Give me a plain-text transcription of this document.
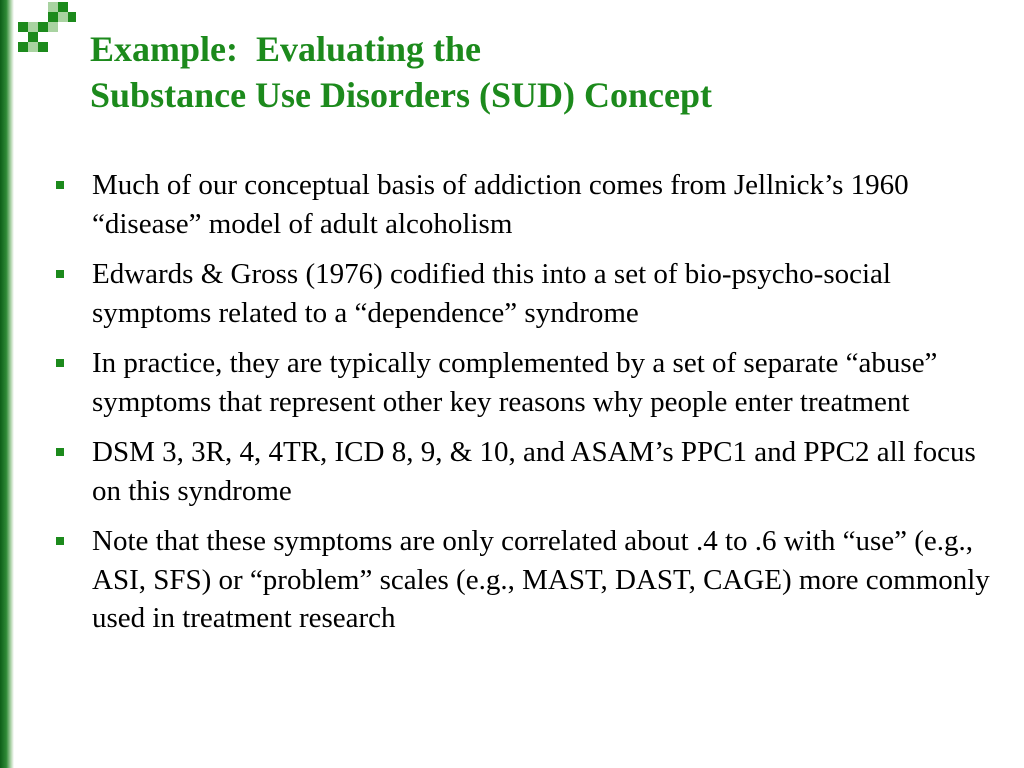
Example:  Evaluating the
Substance Use Disorders (SUD) Concept
Much of our conceptual basis of addiction comes from Jellnick’s 1960 “disease” model of adult alcoholism
Edwards & Gross (1976) codified this into a set of bio-psycho-social symptoms related to a “dependence” syndrome
In practice, they are typically complemented by a set of separate “abuse” symptoms that represent other key reasons why people enter treatment
DSM 3, 3R, 4, 4TR, ICD 8, 9, & 10, and ASAM’s PPC1 and PPC2 all focus on this syndrome
Note that these symptoms are only correlated about .4 to .6 with “use” (e.g., ASI, SFS) or “problem” scales (e.g., MAST, DAST, CAGE) more commonly used in treatment research
